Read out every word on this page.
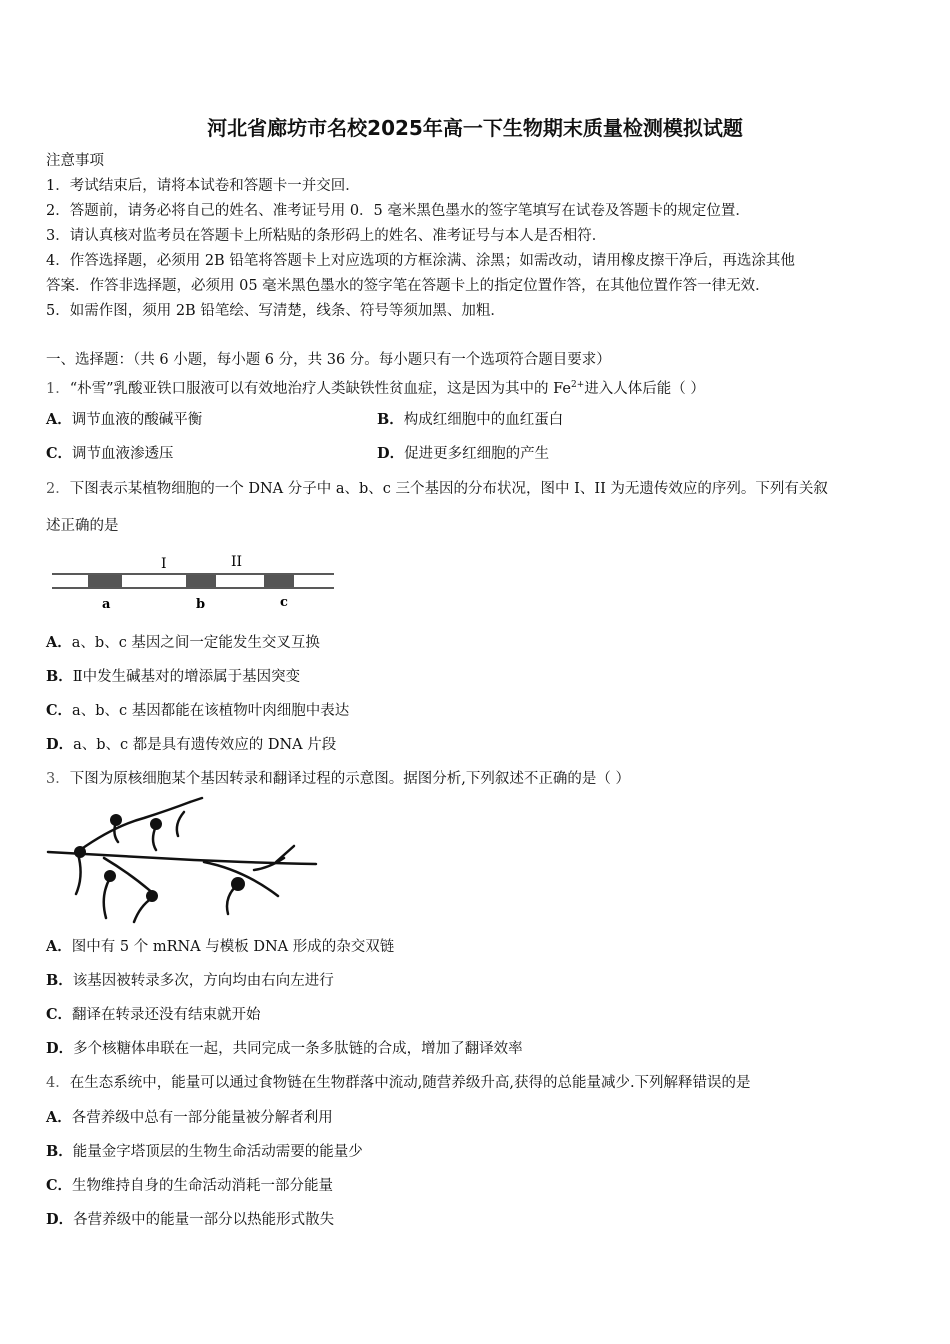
河北省廊坊市名校2025年高一下生物期末质量检测模拟试题
注意事项
1．考试结束后，请将本试卷和答题卡一并交回．
2．答题前，请务必将自己的姓名、准考证号用 0．5 毫米黑色墨水的签字笔填写在试卷及答题卡的规定位置．
3．请认真核对监考员在答题卡上所粘贴的条形码上的姓名、准考证号与本人是否相符．
4．作答选择题，必须用 2B 铅笔将答题卡上对应选项的方框涂满、涂黑；如需改动，请用橡皮擦干净后，再选涂其他
答案．作答非选择题，必须用 05 毫米黑色墨水的签字笔在答题卡上的指定位置作答，在其他位置作答一律无效．
5．如需作图，须用 2B 铅笔绘、写清楚，线条、符号等须加黑、加粗．
一、选择题：（共 6 小题，每小题 6 分，共 36 分。每小题只有一个选项符合题目要求）
1．“朴雪”乳酸亚铁口服液可以有效地治疗人类缺铁性贫血症，这是因为其中的 $Fe^{2+}$进入人体后能（ ）
A．调节血液的酸碱平衡	B．构成红细胞中的血红蛋白
C．调节血液渗透压	D．促进更多红细胞的产生
2．下图表示某植物细胞的一个 DNA 分子中 a、b、c 三个基因的分布状况，图中 I、II 为无遗传效应的序列。下列有关叙
述正确的是
I	II
a	b	c
A．a、b、c 基因之间一定能发生交叉互换
B．Ⅱ中发生碱基对的增添属于基因突变
C．a、b、c 基因都能在该植物叶肉细胞中表达
D．a、b、c 都是具有遗传效应的 DNA 片段
3．下图为原核细胞某个基因转录和翻译过程的示意图。据图分析,下列叙述不正确的是（ ）
A．图中有 5 个 mRNA 与模板 DNA 形成的杂交双链
B．该基因被转录多次，方向均由右向左进行
C．翻译在转录还没有结束就开始
D．多个核糖体串联在一起，共同完成一条多肽链的合成，增加了翻译效率
4．在生态系统中，能量可以通过食物链在生物群落中流动,随营养级升高,获得的总能量减少.下列解释错误的是
A．各营养级中总有一部分能量被分解者利用
B．能量金字塔顶层的生物生命活动需要的能量少
C．生物维持自身的生命活动消耗一部分能量
D．各营养级中的能量一部分以热能形式散失
